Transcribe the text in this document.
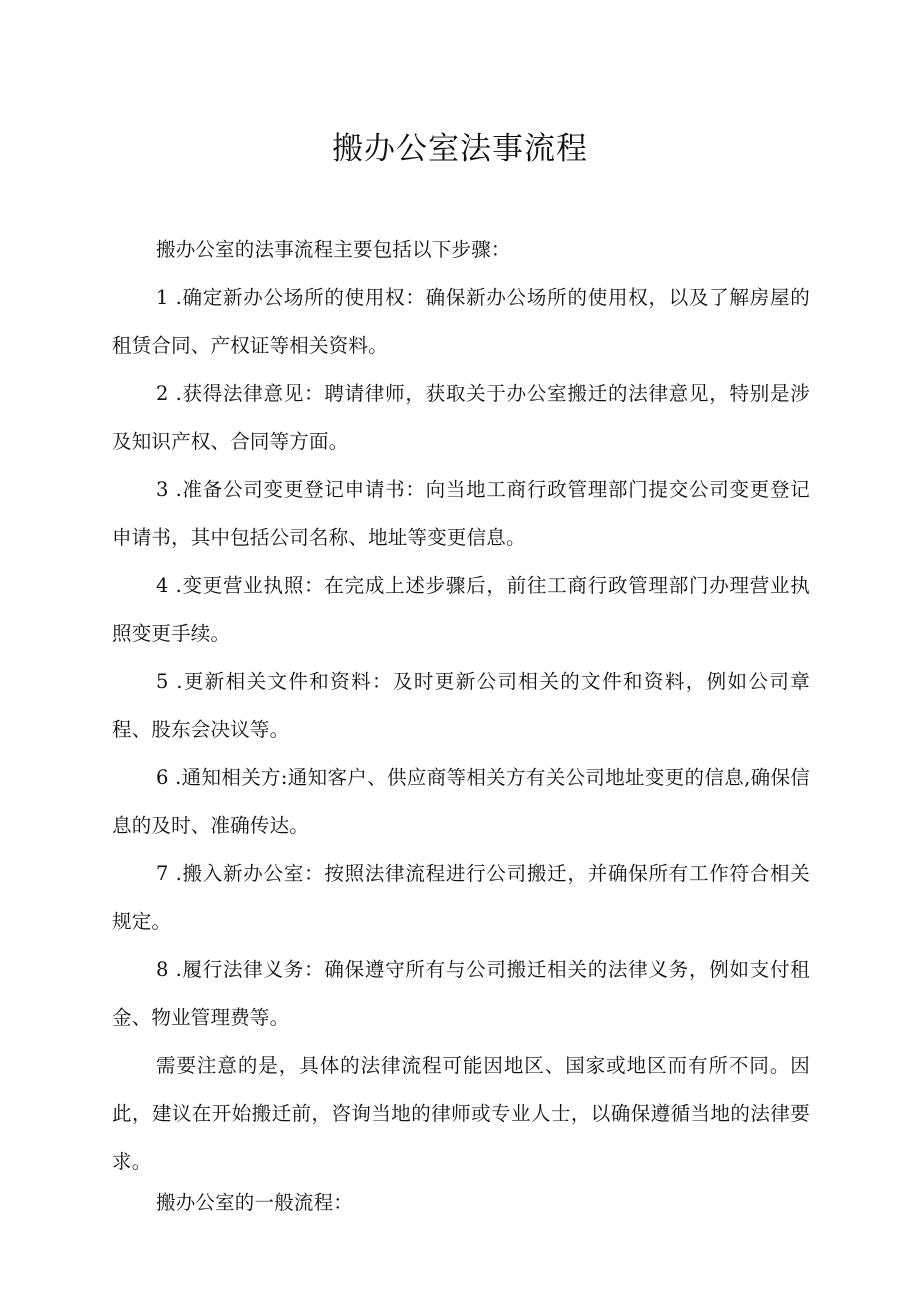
搬办公室法事流程

搬办公室的法事流程主要包括以下步骤：

1 .确定新办公场所的使用权：确保新办公场所的使用权，以及了解房屋的租赁合同、产权证等相关资料。

2 .获得法律意见：聘请律师，获取关于办公室搬迁的法律意见，特别是涉及知识产权、合同等方面。

3 .准备公司变更登记申请书：向当地工商行政管理部门提交公司变更登记申请书，其中包括公司名称、地址等变更信息。

4 .变更营业执照：在完成上述步骤后，前往工商行政管理部门办理营业执照变更手续。

5 .更新相关文件和资料：及时更新公司相关的文件和资料，例如公司章程、股东会决议等。

6 .通知相关方:通知客户、供应商等相关方有关公司地址变更的信息,确保信息的及时、准确传达。

7 .搬入新办公室：按照法律流程进行公司搬迁，并确保所有工作符合相关规定。

8 .履行法律义务：确保遵守所有与公司搬迁相关的法律义务，例如支付租金、物业管理费等。

需要注意的是，具体的法律流程可能因地区、国家或地区而有所不同。因此，建议在开始搬迁前，咨询当地的律师或专业人士，以确保遵循当地的法律要求。

搬办公室的一般流程：
